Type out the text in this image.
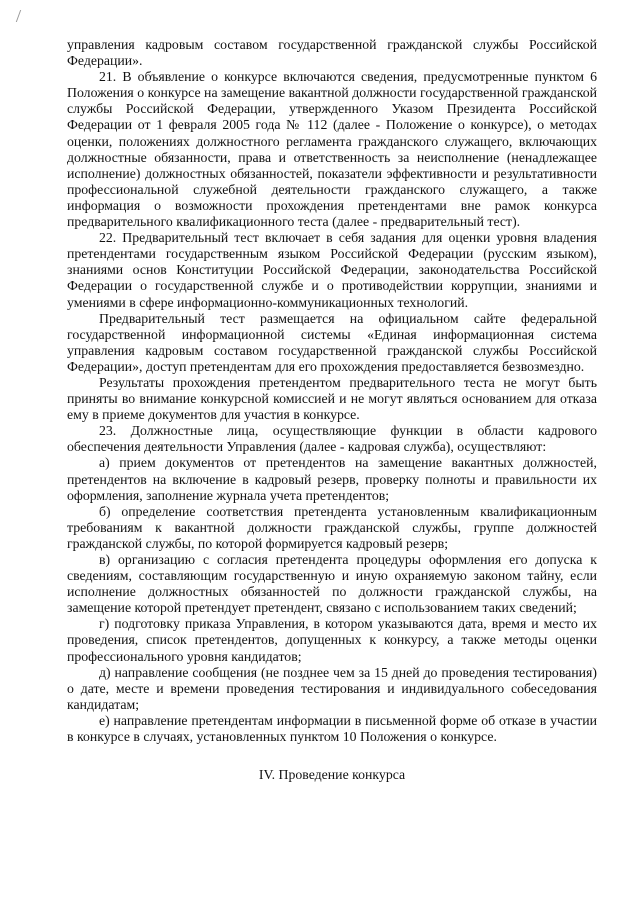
управления кадровым составом государственной гражданской службы Российской Федерации».

21. В объявление о конкурсе включаются сведения, предусмотренные пунктом 6 Положения о конкурсе на замещение вакантной должности государственной гражданской службы Российской Федерации, утвержденного Указом Президента Российской Федерации от 1 февраля 2005 года № 112 (далее - Положение о конкурсе), о методах оценки, положениях должностного регламента гражданского служащего, включающих должностные обязанности, права и ответственность за неисполнение (ненадлежащее исполнение) должностных обязанностей, показатели эффективности и результативности профессиональной служебной деятельности гражданского служащего, а также информация о возможности прохождения претендентами вне рамок конкурса предварительного квалификационного теста (далее - предварительный тест).

22. Предварительный тест включает в себя задания для оценки уровня владения претендентами государственным языком Российской Федерации (русским языком), знаниями основ Конституции Российской Федерации, законодательства Российской Федерации о государственной службе и о противодействии коррупции, знаниями и умениями в сфере информационно-коммуникационных технологий.

Предварительный тест размещается на официальном сайте федеральной государственной информационной системы «Единая информационная система управления кадровым составом государственной гражданской службы Российской Федерации», доступ претендентам для его прохождения предоставляется безвозмездно.

Результаты прохождения претендентом предварительного теста не могут быть приняты во внимание конкурсной комиссией и не могут являться основанием для отказа ему в приеме документов для участия в конкурсе.

23. Должностные лица, осуществляющие функции в области кадрового обеспечения деятельности Управления (далее - кадровая служба), осуществляют:

а) прием документов от претендентов на замещение вакантных должностей, претендентов на включение в кадровый резерв, проверку полноты и правильности их оформления, заполнение журнала учета претендентов;

б) определение соответствия претендента установленным квалификационным требованиям к вакантной должности гражданской службы, группе должностей гражданской службы, по которой формируется кадровый резерв;

в) организацию с согласия претендента процедуры оформления его допуска к сведениям, составляющим государственную и иную охраняемую законом тайну, если исполнение должностных обязанностей по должности гражданской службы, на замещение которой претендует претендент, связано с использованием таких сведений;

г) подготовку приказа Управления, в котором указываются дата, время и место их проведения, список претендентов, допущенных к конкурсу, а также методы оценки профессионального уровня кандидатов;

д) направление сообщения (не позднее чем за 15 дней до проведения тестирования) о дате, месте и времени проведения тестирования и индивидуального собеседования кандидатам;

е) направление претендентам информации в письменной форме об отказе в участии в конкурсе в случаях, установленных пунктом 10 Положения о конкурсе.

IV. Проведение конкурса
